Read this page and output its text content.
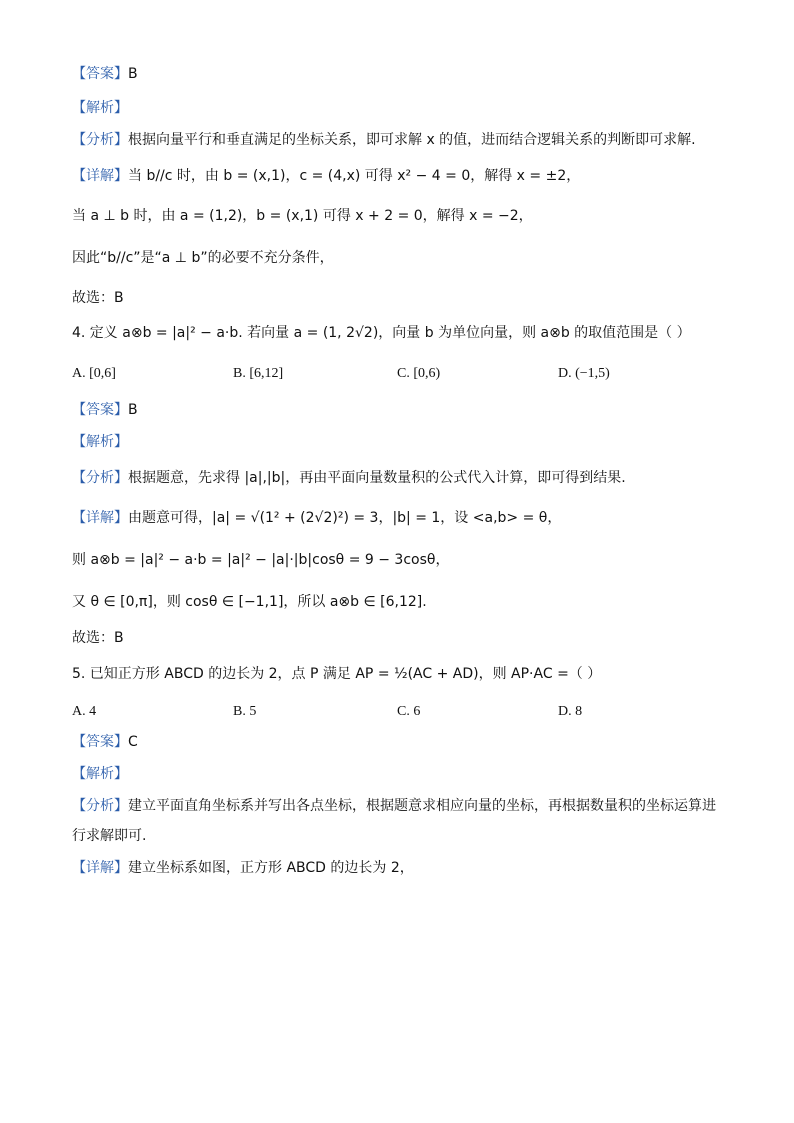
【答案】B
【解析】
【分析】根据向量平行和垂直满足的坐标关系，即可求解 x 的值，进而结合逻辑关系的判断即可求解.
【详解】当 b//c 时，由 b = (x,1)，c = (4,x) 可得 x² − 4 = 0，解得 x = ±2，
当 a ⊥ b 时，由 a = (1,2)，b = (x,1) 可得 x + 2 = 0，解得 x = −2，
因此“b//c”是“a ⊥ b”的必要不充分条件，
故选：B
4. 定义 a⊗b = |a|² − a·b. 若向量 a = (1, 2√2)，向量 b 为单位向量，则 a⊗b 的取值范围是（ ）
A. [0,6]	B. [6,12]	C. [0,6)	D. (−1,5)
【答案】B
【解析】
【分析】根据题意，先求得 |a|,|b|，再由平面向量数量积的公式代入计算，即可得到结果.
【详解】由题意可得，|a| = √(1² + (2√2)²) = 3，|b| = 1，设 <a,b> = θ，
则 a⊗b = |a|² − a·b = |a|² − |a|·|b|cosθ = 9 − 3cosθ，
又 θ ∈ [0,π]，则 cosθ ∈ [−1,1]，所以 a⊗b ∈ [6,12].
故选：B
5. 已知正方形 ABCD 的边长为 2，点 P 满足 AP = ½(AC + AD)，则 AP·AC =（ ）
A. 4	B. 5	C. 6	D. 8
【答案】C
【解析】
【分析】建立平面直角坐标系并写出各点坐标，根据题意求相应向量的坐标，再根据数量积的坐标运算进
行求解即可.
【详解】建立坐标系如图，正方形 ABCD 的边长为 2，
